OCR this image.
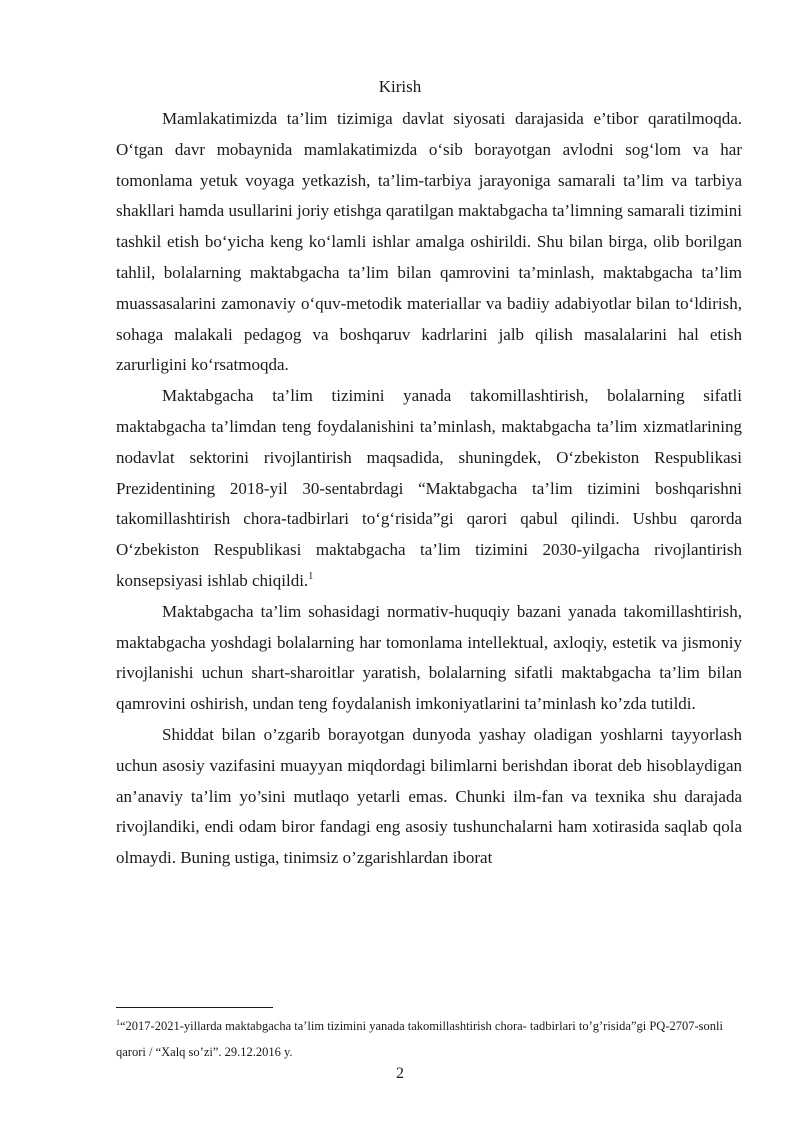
Kirish

Mamlakatimizda ta’lim tizimiga davlat siyosati darajasida e’tibor qaratilmoqda. O‘tgan davr mobaynida mamlakatimizda o‘sib borayotgan avlodni sog‘lom va har tomonlama yetuk voyaga yetkazish, ta’lim-tarbiya jarayoniga samarali ta’lim va tarbiya shakllari hamda usullarini joriy etishga qaratilgan maktabgacha ta’limning samarali tizimini tashkil etish bo‘yicha keng ko‘lamli ishlar amalga oshirildi. Shu bilan birga, olib borilgan tahlil, bolalarning maktabgacha ta’lim bilan qamrovini ta’minlash, maktabgacha ta’lim muassasalarini zamonaviy o‘quv-metodik materiallar va badiiy adabiyotlar bilan to‘ldirish, sohaga malakali pedagog va boshqaruv kadrlarini jalb qilish masalalarini hal etish zarurligini ko‘rsatmoqda.

Maktabgacha ta’lim tizimini yanada takomillashtirish, bolalarning sifatli maktabgacha ta’limdan teng foydalanishini ta’minlash, maktabgacha ta’lim xizmatlarining nodavlat sektorini rivojlantirish maqsadida, shuningdek, O‘zbekiston Respublikasi Prezidentining 2018-yil 30-sentabrdagi “Maktabgacha ta’lim tizimini boshqarishni takomillashtirish chora-tadbirlari to‘g‘risida”gi qarori qabul qilindi. Ushbu qarorda O‘zbekiston Respublikasi maktabgacha ta’lim tizimini 2030-yilgacha rivojlantirish konsepsiyasi ishlab chiqildi.$^1$

Maktabgacha ta’lim sohasidagi normativ-huquqiy bazani yanada takomillashtirish, maktabgacha yoshdagi bolalarning har tomonlama intellektual, axloqiy, estetik va jismoniy rivojlanishi uchun shart-sharoitlar yaratish, bolalarning sifatli maktabgacha ta’lim bilan qamrovini oshirish, undan teng foydalanish imkoniyatlarini ta’minlash ko’zda tutildi.

Shiddat bilan o’zgarib borayotgan dunyoda yashay oladigan yoshlarni tayyorlash uchun asosiy vazifasini muayyan miqdordagi bilimlarni berishdan iborat deb hisoblaydigan an’anaviy ta’lim yo’sini mutlaqo yetarli emas. Chunki ilm-fan va texnika shu darajada rivojlandiki, endi odam biror fandagi eng asosiy tushunchalarni ham xotirasida saqlab qola olmaydi. Buning ustiga, tinimsiz o’zgarishlardan iborat

$^1$“2017-2021-yillarda maktabgacha ta’lim tizimini yanada takomillashtirish chora- tadbirlari to’g’risida”gi PQ-2707-sonli qarori / “Xalq so’zi”. 29.12.2016 y.

2
